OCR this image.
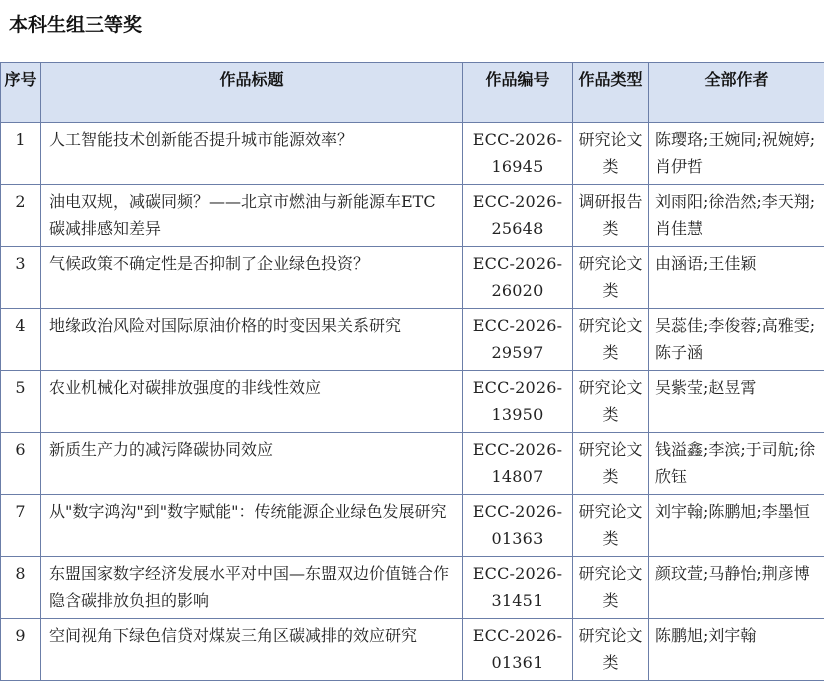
本科生组三等奖
序号	作品标题	作品编号	作品类型	全部作者
1	人工智能技术创新能否提升城市能源效率？	ECC-2026-16945	研究论文类	陈璎珞;王婉同;祝婉婷;肖伊哲
2	油电双规，减碳同频？——北京市燃油与新能源车ETC 碳减排感知差异	ECC-2026-25648	调研报告类	刘雨阳;徐浩然;李天翔;肖佳慧
3	气候政策不确定性是否抑制了企业绿色投资？	ECC-2026-26020	研究论文类	由涵语;王佳颖
4	地缘政治风险对国际原油价格的时变因果关系研究	ECC-2026-29597	研究论文类	吴蕊佳;李俊蓉;高雅雯;陈子涵
5	农业机械化对碳排放强度的非线性效应	ECC-2026-13950	研究论文类	吴紫莹;赵昱霄
6	新质生产力的减污降碳协同效应	ECC-2026-14807	研究论文类	钱溢鑫;李滨;于司航;徐欣钰
7	从"数字鸿沟"到"数字赋能"：传统能源企业绿色发展研究	ECC-2026-01363	研究论文类	刘宇翰;陈鹏旭;李墨恒
8	东盟国家数字经济发展水平对中国—东盟双边价值链合作隐含碳排放负担的影响	ECC-2026-31451	研究论文类	颜玟萱;马静怡;荆彦博
9	空间视角下绿色信贷对煤炭三角区碳减排的效应研究	ECC-2026-01361	研究论文类	陈鹏旭;刘宇翰
